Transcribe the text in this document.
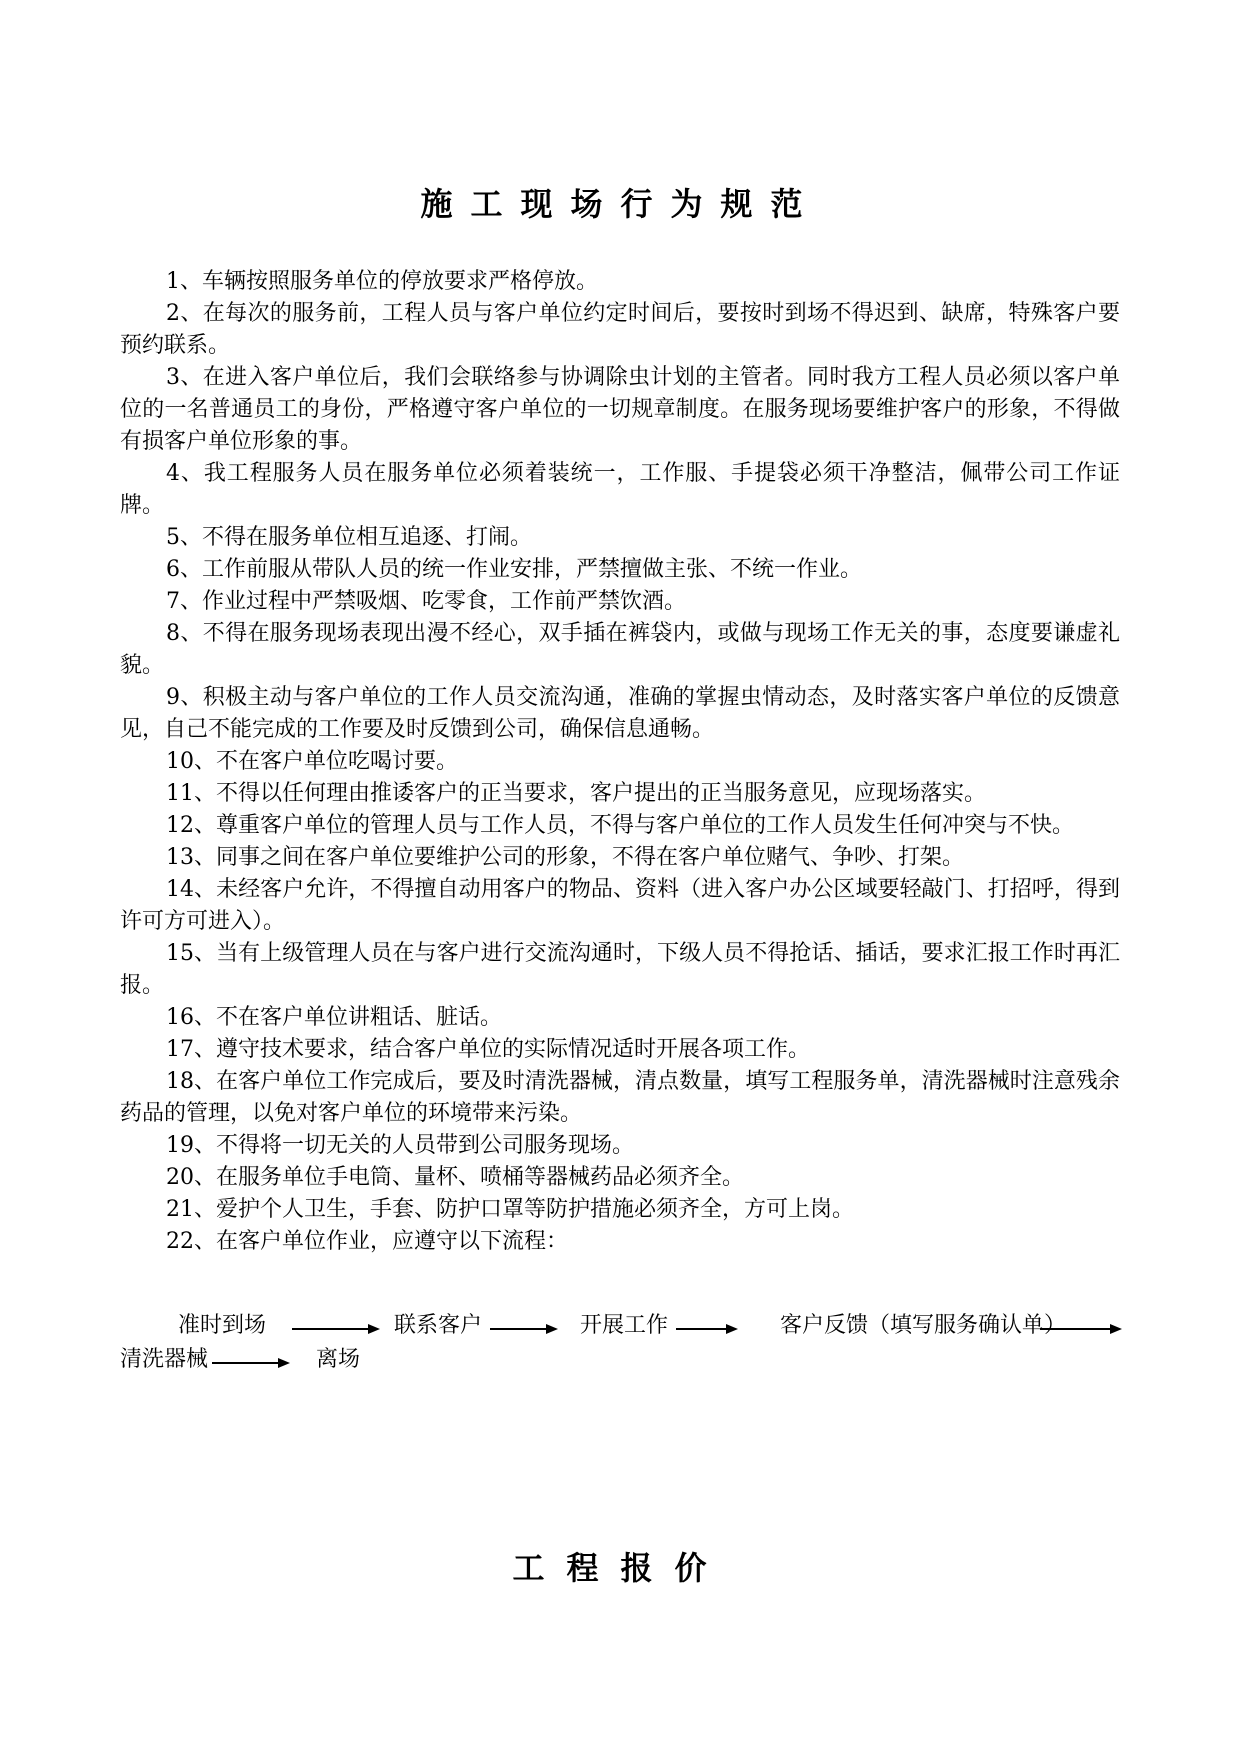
施工现场行为规范
1、车辆按照服务单位的停放要求严格停放。
2、在每次的服务前，工程人员与客户单位约定时间后，要按时到场不得迟到、缺席，特殊客户要预约联系。
3、在进入客户单位后，我们会联络参与协调除虫计划的主管者。同时我方工程人员必须以客户单位的一名普通员工的身份，严格遵守客户单位的一切规章制度。在服务现场要维护客户的形象，不得做有损客户单位形象的事。
4、我工程服务人员在服务单位必须着装统一，工作服、手提袋必须干净整洁，佩带公司工作证牌。
5、不得在服务单位相互追逐、打闹。
6、工作前服从带队人员的统一作业安排，严禁擅做主张、不统一作业。
7、作业过程中严禁吸烟、吃零食，工作前严禁饮酒。
8、不得在服务现场表现出漫不经心，双手插在裤袋内，或做与现场工作无关的事，态度要谦虚礼貌。
9、积极主动与客户单位的工作人员交流沟通，准确的掌握虫情动态，及时落实客户单位的反馈意见，自己不能完成的工作要及时反馈到公司，确保信息通畅。
10、不在客户单位吃喝讨要。
11、不得以任何理由推诿客户的正当要求，客户提出的正当服务意见，应现场落实。
12、尊重客户单位的管理人员与工作人员，不得与客户单位的工作人员发生任何冲突与不快。
13、同事之间在客户单位要维护公司的形象，不得在客户单位赌气、争吵、打架。
14、未经客户允许，不得擅自动用客户的物品、资料（进入客户办公区域要轻敲门、打招呼，得到许可方可进入）。
15、当有上级管理人员在与客户进行交流沟通时，下级人员不得抢话、插话，要求汇报工作时再汇报。
16、不在客户单位讲粗话、脏话。
17、遵守技术要求，结合客户单位的实际情况适时开展各项工作。
18、在客户单位工作完成后，要及时清洗器械，清点数量，填写工程服务单，清洗器械时注意残余药品的管理，以免对客户单位的环境带来污染。
19、不得将一切无关的人员带到公司服务现场。
20、在服务单位手电筒、量杯、喷桶等器械药品必须齐全。
21、爱护个人卫生，手套、防护口罩等防护措施必须齐全，方可上岗。
22、在客户单位作业，应遵守以下流程：
准时到场	联系客户	开展工作	客户反馈（填写服务确认单）
清洗器械	离场
工程报价
